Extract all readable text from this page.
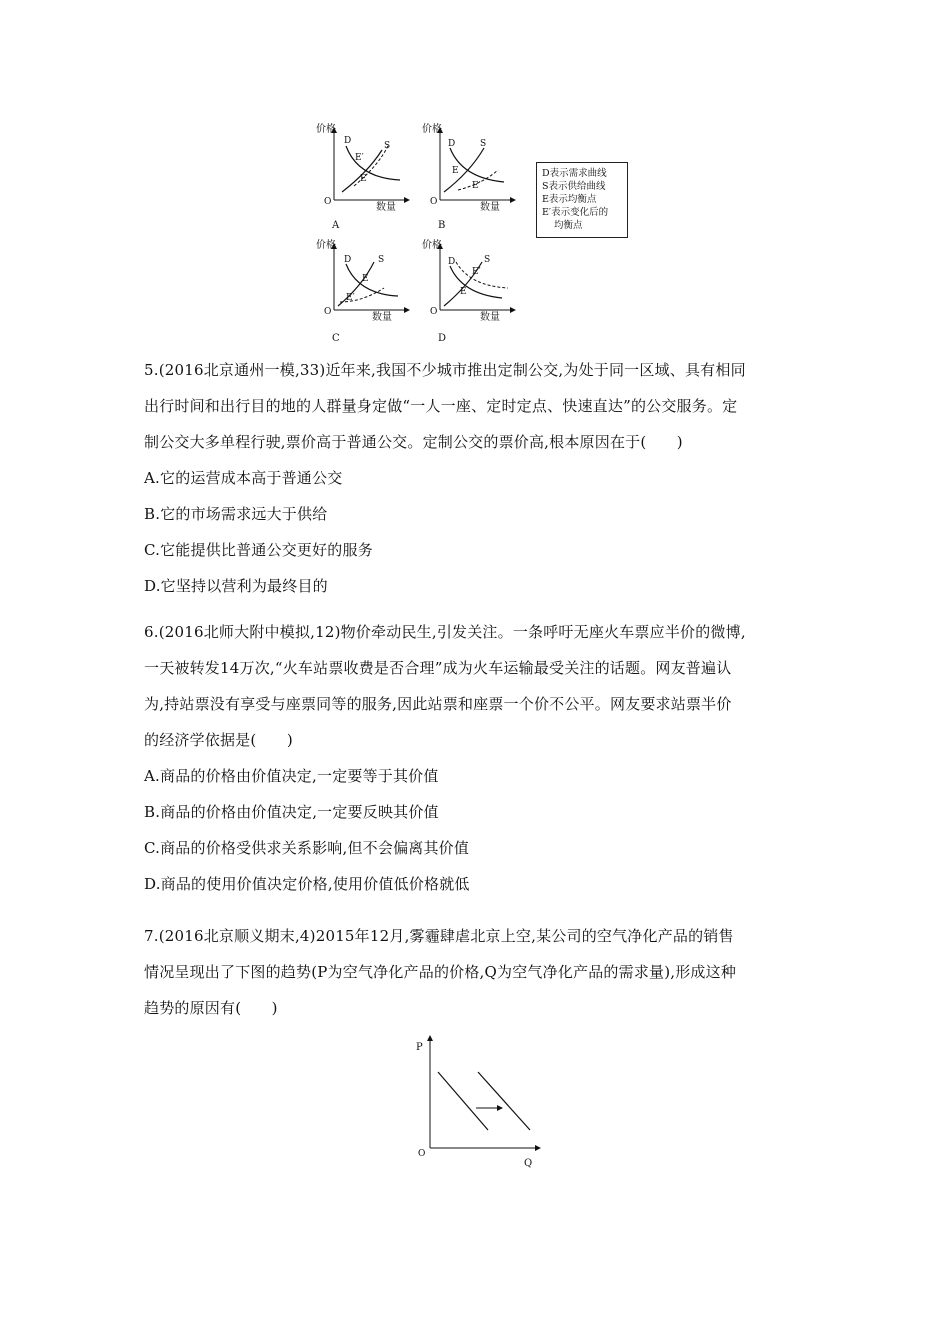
价格
O	数量
D	S
E′
E
A
价格
O	数量
D	S
E
E′
B
D表示需求曲线
S表示供给曲线
E表示均衡点
E′表示变化后的
均衡点
价格
O	数量
D	S
E
E′
C
价格
O	数量
D	S
E′
E
D
5.(2016北京通州一模,33)近年来,我国不少城市推出定制公交,为处于同一区域、具有相同
出行时间和出行目的地的人群量身定做“一人一座、定时定点、快速直达”的公交服务。定
制公交大多单程行驶,票价高于普通公交。定制公交的票价高,根本原因在于(　　)
A.它的运营成本高于普通公交
B.它的市场需求远大于供给
C.它能提供比普通公交更好的服务
D.它坚持以营利为最终目的
6.(2016北师大附中模拟,12)物价牵动民生,引发关注。一条呼吁无座火车票应半价的微博,
一天被转发14万次,“火车站票收费是否合理”成为火车运输最受关注的话题。网友普遍认
为,持站票没有享受与座票同等的服务,因此站票和座票一个价不公平。网友要求站票半价
的经济学依据是(　　)
A.商品的价格由价值决定,一定要等于其价值
B.商品的价格由价值决定,一定要反映其价值
C.商品的价格受供求关系影响,但不会偏离其价值
D.商品的使用价值决定价格,使用价值低价格就低
7.(2016北京顺义期末,4)2015年12月,雾霾肆虐北京上空,某公司的空气净化产品的销售
情况呈现出了下图的趋势(P为空气净化产品的价格,Q为空气净化产品的需求量),形成这种
趋势的原因有(　　)
P
O
Q
